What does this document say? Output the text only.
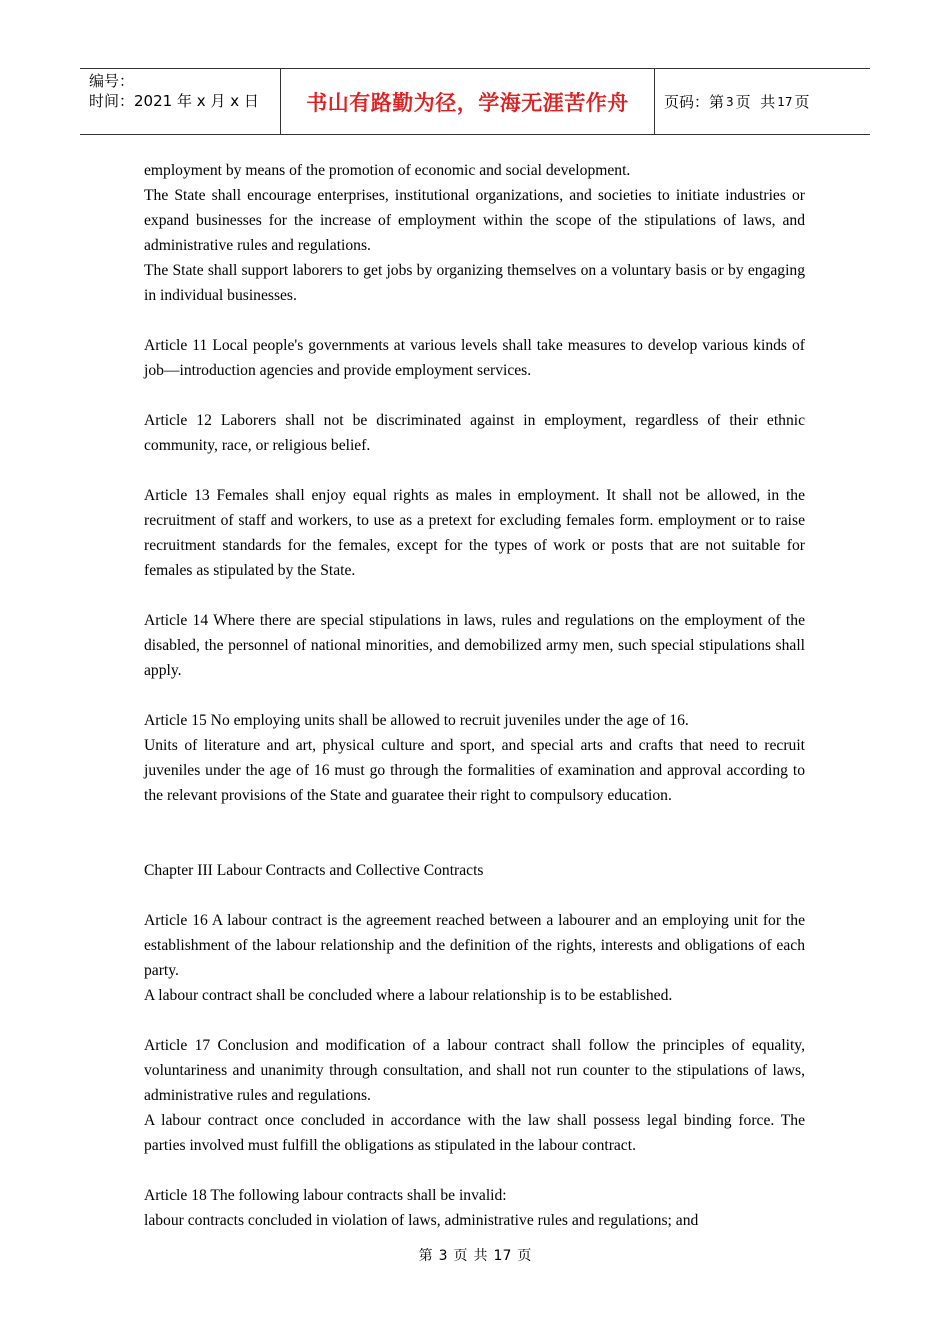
编号：
时间：2021 年 x 月 x 日	书山有路勤为径，学海无涯苦作舟 页码：第 3 页
共 17 页

employment by means of the promotion of economic and social development.

The State shall encourage enterprises, institutional organizations, and societies to initiate industries or expand businesses for the increase of employment within the scope of the stipulations of laws, and administrative rules and regulations.

The State shall support laborers to get jobs by organizing themselves on a voluntary basis or by engaging in individual businesses.

Article 11 Local people's governments at various levels shall take measures to develop various kinds of job—introduction agencies and provide employment services.

Article 12 Laborers shall not be discriminated against in employment, regardless of their ethnic community, race, or religious belief.

Article 13 Females shall enjoy equal rights as males in employment. It shall not be allowed, in the recruitment of staff and workers, to use as a pretext for excluding females form. employment or to raise recruitment standards for the females, except for the types of work or posts that are not suitable for females as stipulated by the State.

Article 14 Where there are special stipulations in laws, rules and regulations on the employment of the disabled, the personnel of national minorities, and demobilized army men, such special stipulations shall apply.

Article 15 No employing units shall be allowed to recruit juveniles under the age of 16.

Units of literature and art, physical culture and sport, and special arts and crafts that need to recruit juveniles under the age of 16 must go through the formalities of examination and approval according to the relevant provisions of the State and guaratee their right to compulsory education.

Chapter III Labour Contracts and Collective Contracts

Article 16 A labour contract is the agreement reached between a labourer and an employing unit for the establishment of the labour relationship and the definition of the rights, interests and obligations of each party.

A labour contract shall be concluded where a labour relationship is to be established.

Article 17 Conclusion and modification of a labour contract shall follow the principles of equality, voluntariness and unanimity through consultation, and shall not run counter to the stipulations of laws, administrative rules and regulations.

A labour contract once concluded in accordance with the law shall possess legal binding force. The parties involved must fulfill the obligations as stipulated in the labour contract.

Article 18 The following labour contracts shall be invalid:

labour contracts concluded in violation of laws, administrative rules and regulations; and

第 3 页 共 17 页
